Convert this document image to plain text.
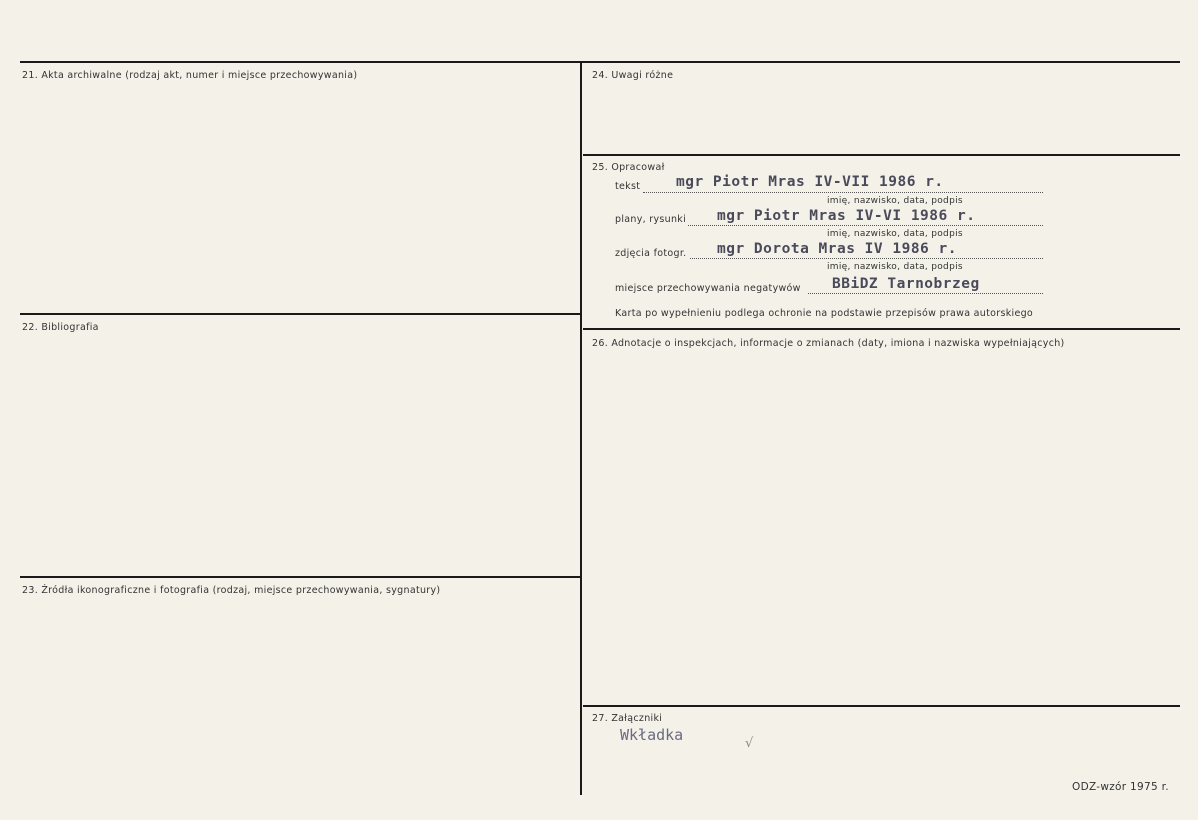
21. Akta archiwalne (rodzaj akt, numer i miejsce przechowywania)
22. Bibliografia
23. Źródła ikonograficzne i fotografia (rodzaj, miejsce przechowywania, sygnatury)
24. Uwagi różne
25. Opracował
26. Adnotacje o inspekcjach, informacje o zmianach (daty, imiona i nazwiska wypełniających)
27. Załączniki
tekst mgr Piotr Mras IV-VII 1986 r.
imię, nazwisko, data, podpis
plany, rysunki mgr Piotr Mras IV-VI 1986 r.
imię, nazwisko, data, podpis
zdjęcia fotogr. mgr Dorota Mras IV 1986 r.
imię, nazwisko, data, podpis
miejsce przechowywania negatywów BBiDZ Tarnobrzeg
Karta po wypełnieniu podlega ochronie na podstawie przepisów prawa autorskiego
Wkładka	√
ODZ-wzór 1975 r.
